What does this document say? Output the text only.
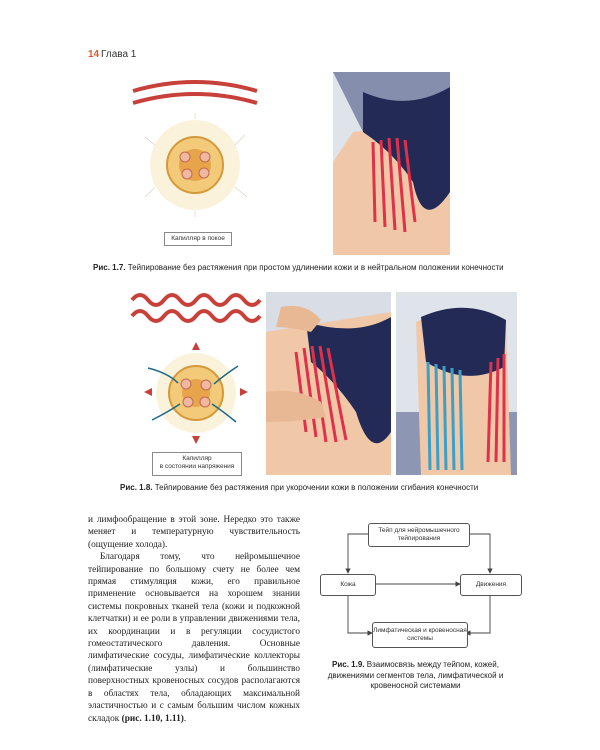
14 Глава 1
Капилляр в покое
Рис. 1.7. Тейпирование без растяжения при простом удлинении кожи и в нейтральном положении конечности
Капилляр
в состоянии напряжения
Рис. 1.8. Тейпирование без растяжения при укорочении кожи в положении сгибания конечности

и лимфообращение в этой зоне. Нередко это также меняет и температурную чувствительность (ощущение холода).

Благодаря тому, что нейромышечное тейпирование по большому счету не более чем прямая стимуляция кожи, его правильное применение основывается на хорошем знании системы покровных тканей тела (кожи и подкожной клетчатки) и ее роли в управлении движениями тела, их координации и в регуляции сосудистого гомеостатического давления. Основные лимфатические сосуды, лимфатические коллекторы (лимфатические узлы) и большинство поверхностных кровеносных сосудов располагаются в областях тела, обладающих максимальной эластичностью и с самым большим числом кожных складок (рис. 1.10, 1.11).

Тейп для нейромышечного тейпирования
Кожа	Движения
Лимфатическая и кровеносная системы
Рис. 1.9. Взаимосвязь между тейпом, кожей, движениями сегментов тела, лимфатической и кровеносной системами
